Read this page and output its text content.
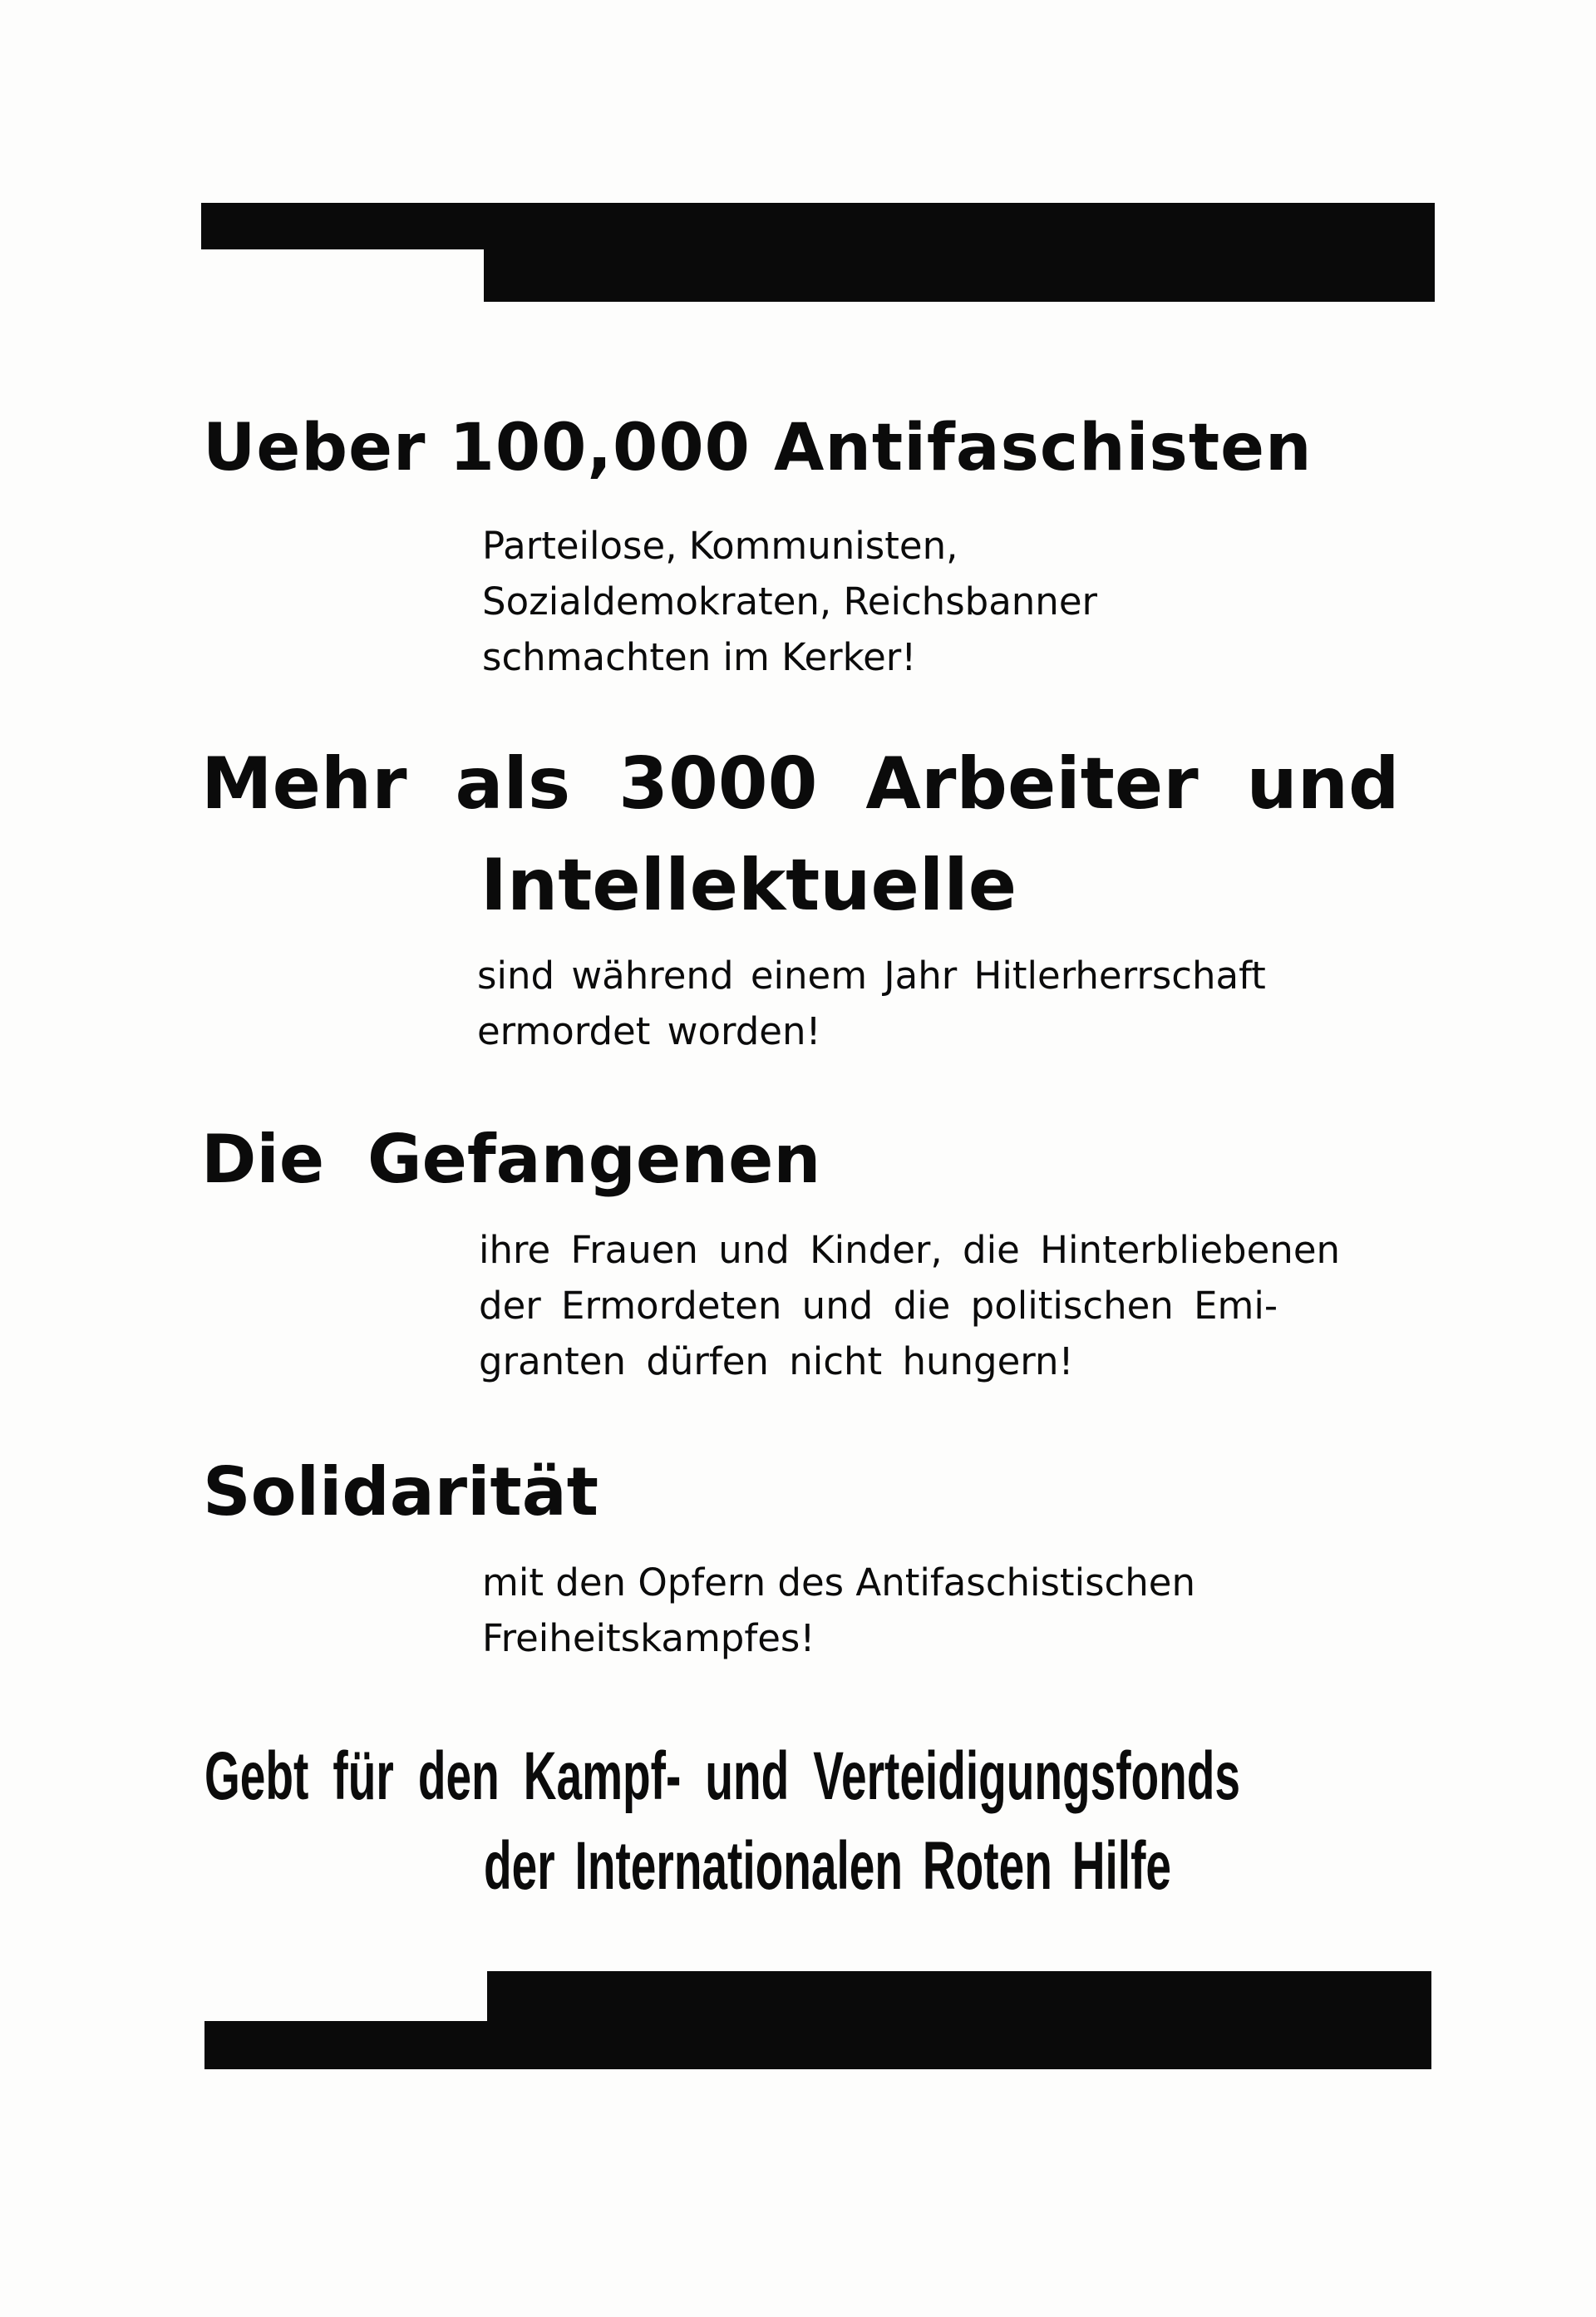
Ueber 100,000 Antifaschisten
Parteilose, Kommunisten,
Sozialdemokraten, Reichsbanner
schmachten im Kerker!
Mehr als 3000 Arbeiter und
Intellektuelle
sind während einem Jahr Hitlerherrschaft
ermordet worden!
Die Gefangenen
ihre Frauen und Kinder, die Hinterbliebenen
der Ermordeten und die politischen Emi-
granten dürfen nicht hungern!
Solidarität
mit den Opfern des Antifaschistischen
Freiheitskampfes!
Gebt für den Kampf- und Verteidigungsfonds
der Internationalen Roten Hilfe
